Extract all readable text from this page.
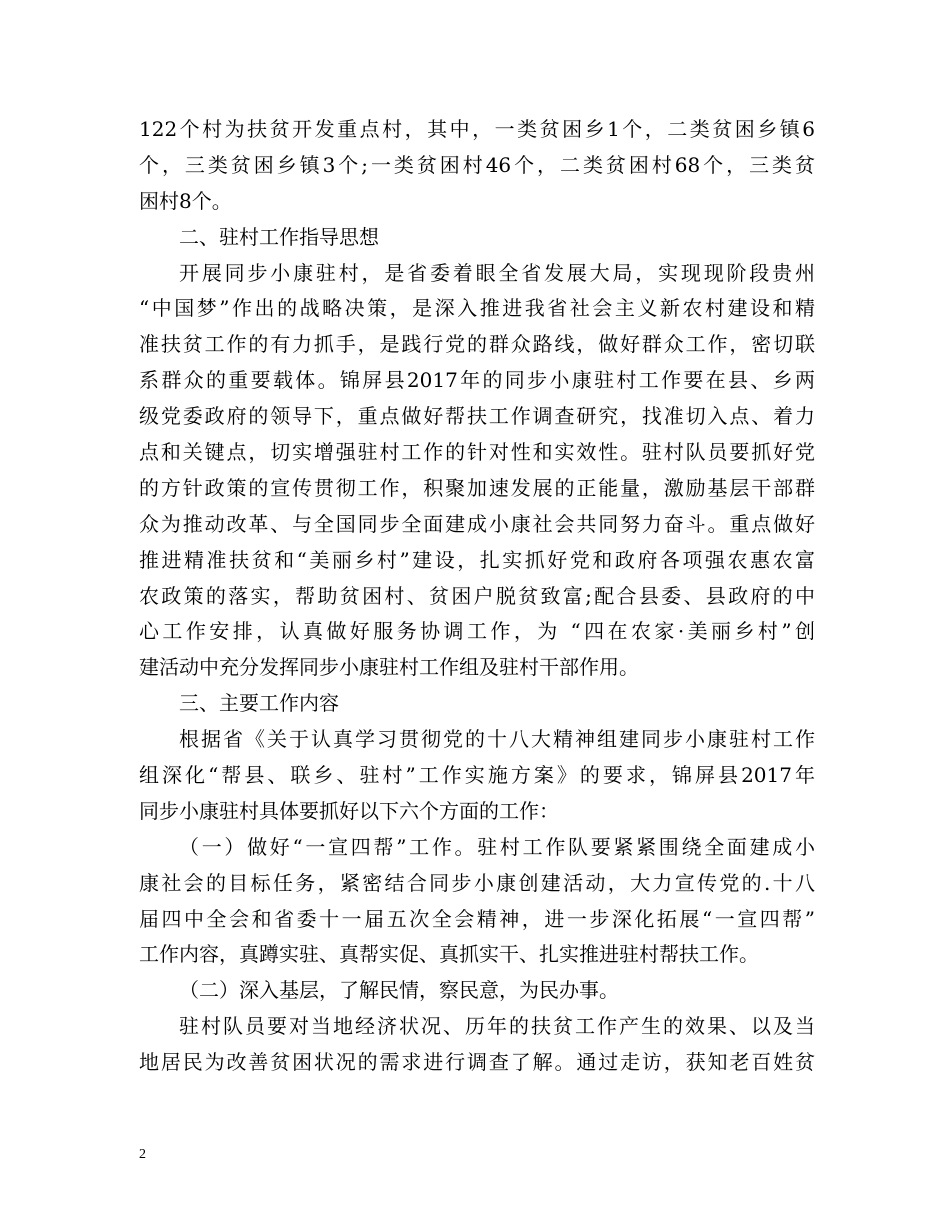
122个村为扶贫开发重点村，其中，一类贫困乡1个，二类贫困乡镇6
个，三类贫困乡镇3个;一类贫困村46个，二类贫困村68个，三类贫
困村8个。
二、驻村工作指导思想
开展同步小康驻村，是省委着眼全省发展大局，实现现阶段贵州
“中国梦”作出的战略决策，是深入推进我省社会主义新农村建设和精
准扶贫工作的有力抓手，是践行党的群众路线，做好群众工作，密切联
系群众的重要载体。锦屏县2017年的同步小康驻村工作要在县、乡两
级党委政府的领导下，重点做好帮扶工作调查研究，找准切入点、着力
点和关键点，切实增强驻村工作的针对性和实效性。驻村队员要抓好党
的方针政策的宣传贯彻工作，积聚加速发展的正能量，激励基层干部群
众为推动改革、与全国同步全面建成小康社会共同努力奋斗。重点做好
推进精准扶贫和“美丽乡村”建设，扎实抓好党和政府各项强农惠农富
农政策的落实，帮助贫困村、贫困户脱贫致富;配合县委、县政府的中
心工作安排，认真做好服务协调工作，为 “四在农家·美丽乡村”创
建活动中充分发挥同步小康驻村工作组及驻村干部作用。
三、主要工作内容
根据省《关于认真学习贯彻党的十八大精神组建同步小康驻村工作
组深化“帮县、联乡、驻村”工作实施方案》的要求，锦屏县2017年
同步小康驻村具体要抓好以下六个方面的工作：
（一）做好“一宣四帮”工作。驻村工作队要紧紧围绕全面建成小
康社会的目标任务，紧密结合同步小康创建活动，大力宣传党的.十八
届四中全会和省委十一届五次全会精神，进一步深化拓展“一宣四帮”
工作内容，真蹲实驻、真帮实促、真抓实干、扎实推进驻村帮扶工作。
（二）深入基层，了解民情，察民意，为民办事。
驻村队员要对当地经济状况、历年的扶贫工作产生的效果、以及当
地居民为改善贫困状况的需求进行调查了解。通过走访，获知老百姓贫
2
